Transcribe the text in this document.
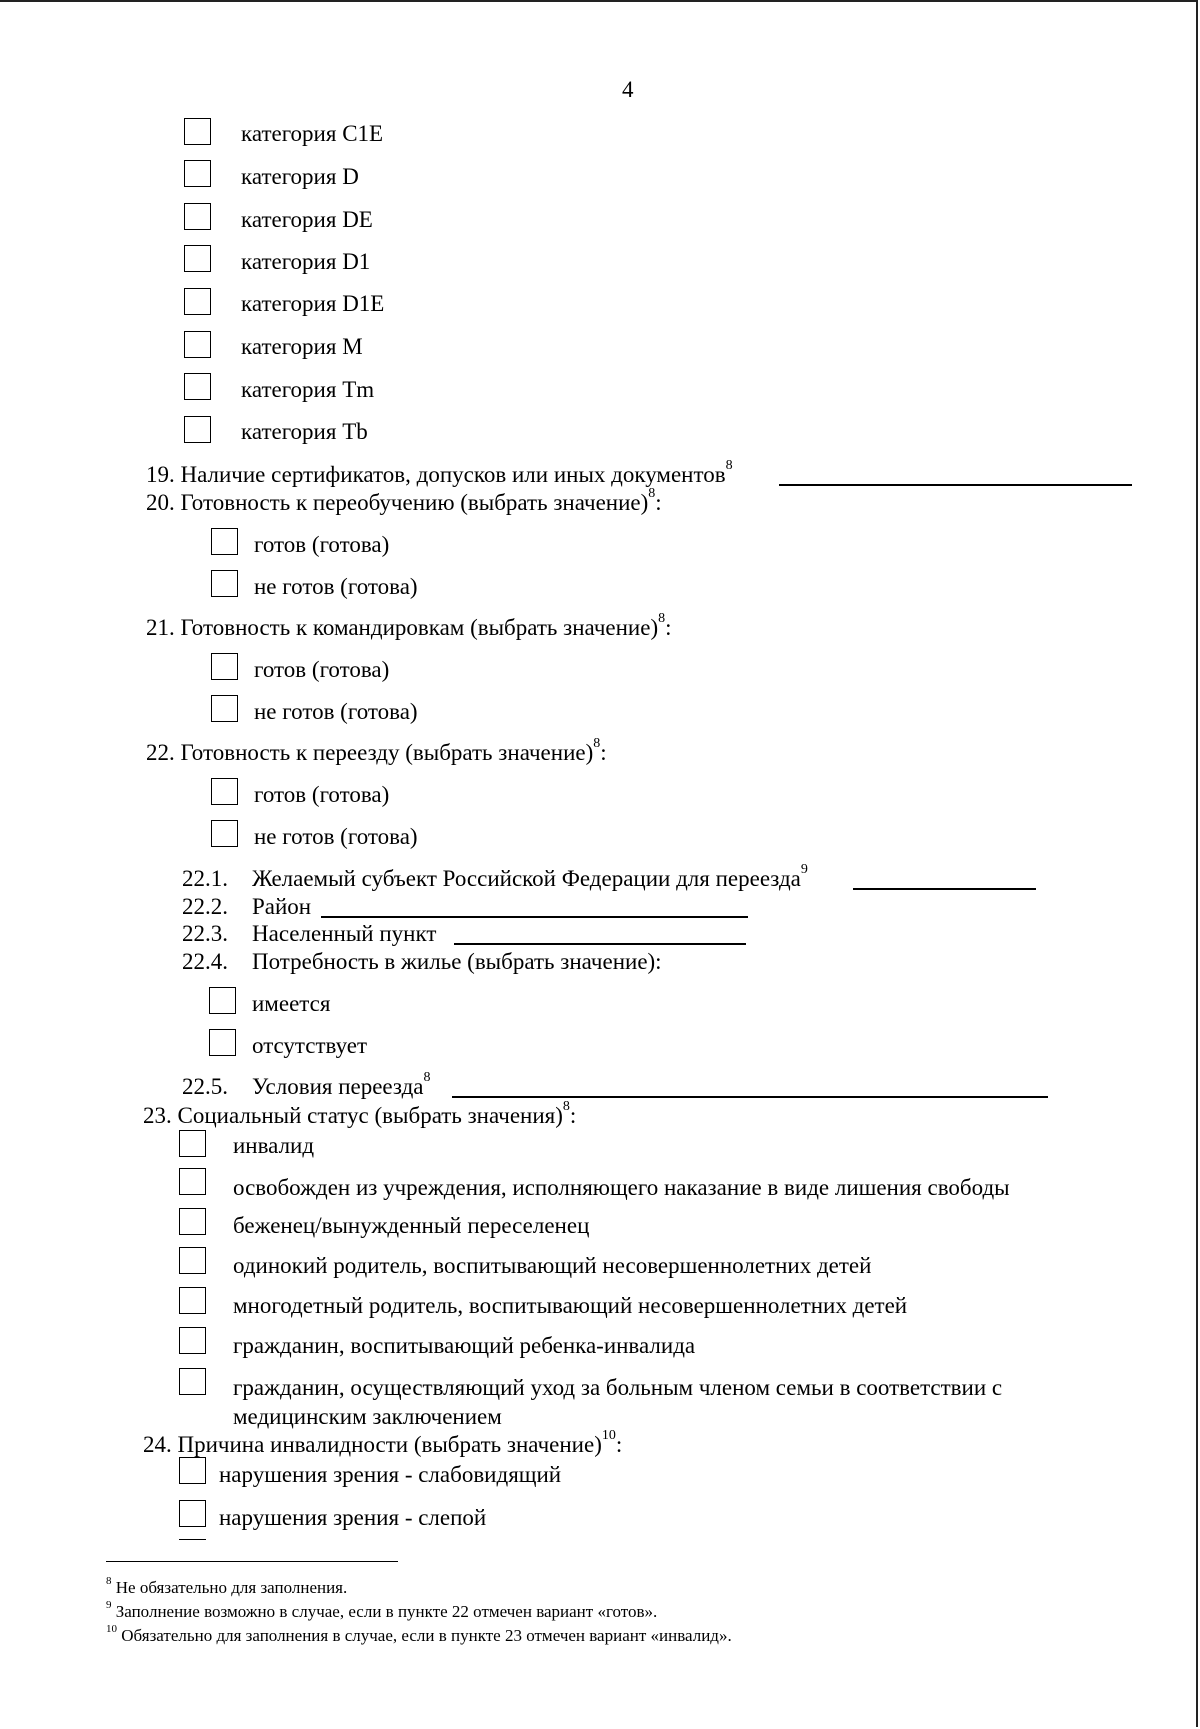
4
категория C1E
категория D
категория DE
категория D1
категория D1E
категория M
категория Tm
категория Tb
19. Наличие сертификатов, допусков или иных документов$^8$
20. Готовность к переобучению (выбрать значение)$^8$:
готов (готова)
не готов (готова)
21. Готовность к командировкам (выбрать значение)$^8$:
готов (готова)
не готов (готова)
22. Готовность к переезду (выбрать значение)$^8$:
готов (готова)
не готов (готова)
22.1. Желаемый субъект Российской Федерации для переезда$^9$
22.2. Район
22.3. Населенный пункт
22.4. Потребность в жилье (выбрать значение):
имеется
отсутствует
22.5. Условия переезда$^8$
23. Социальный статус (выбрать значения)$^8$:
инвалид
освобожден из учреждения, исполняющего наказание в виде лишения свободы
беженец/вынужденный переселенец
одинокий родитель, воспитывающий несовершеннолетних детей
многодетный родитель, воспитывающий несовершеннолетних детей
гражданин, воспитывающий ребенка-инвалида
гражданин, осуществляющий уход за больным членом семьи в соответствии с
медицинским заключением
24. Причина инвалидности (выбрать значение)$^{10}$:
нарушения зрения - слабовидящий
нарушения зрения - слепой
$^8$ Не обязательно для заполнения.
$^9$ Заполнение возможно в случае, если в пункте 22 отмечен вариант «готов».
$^{10}$ Обязательно для заполнения в случае, если в пункте 23 отмечен вариант «инвалид».
